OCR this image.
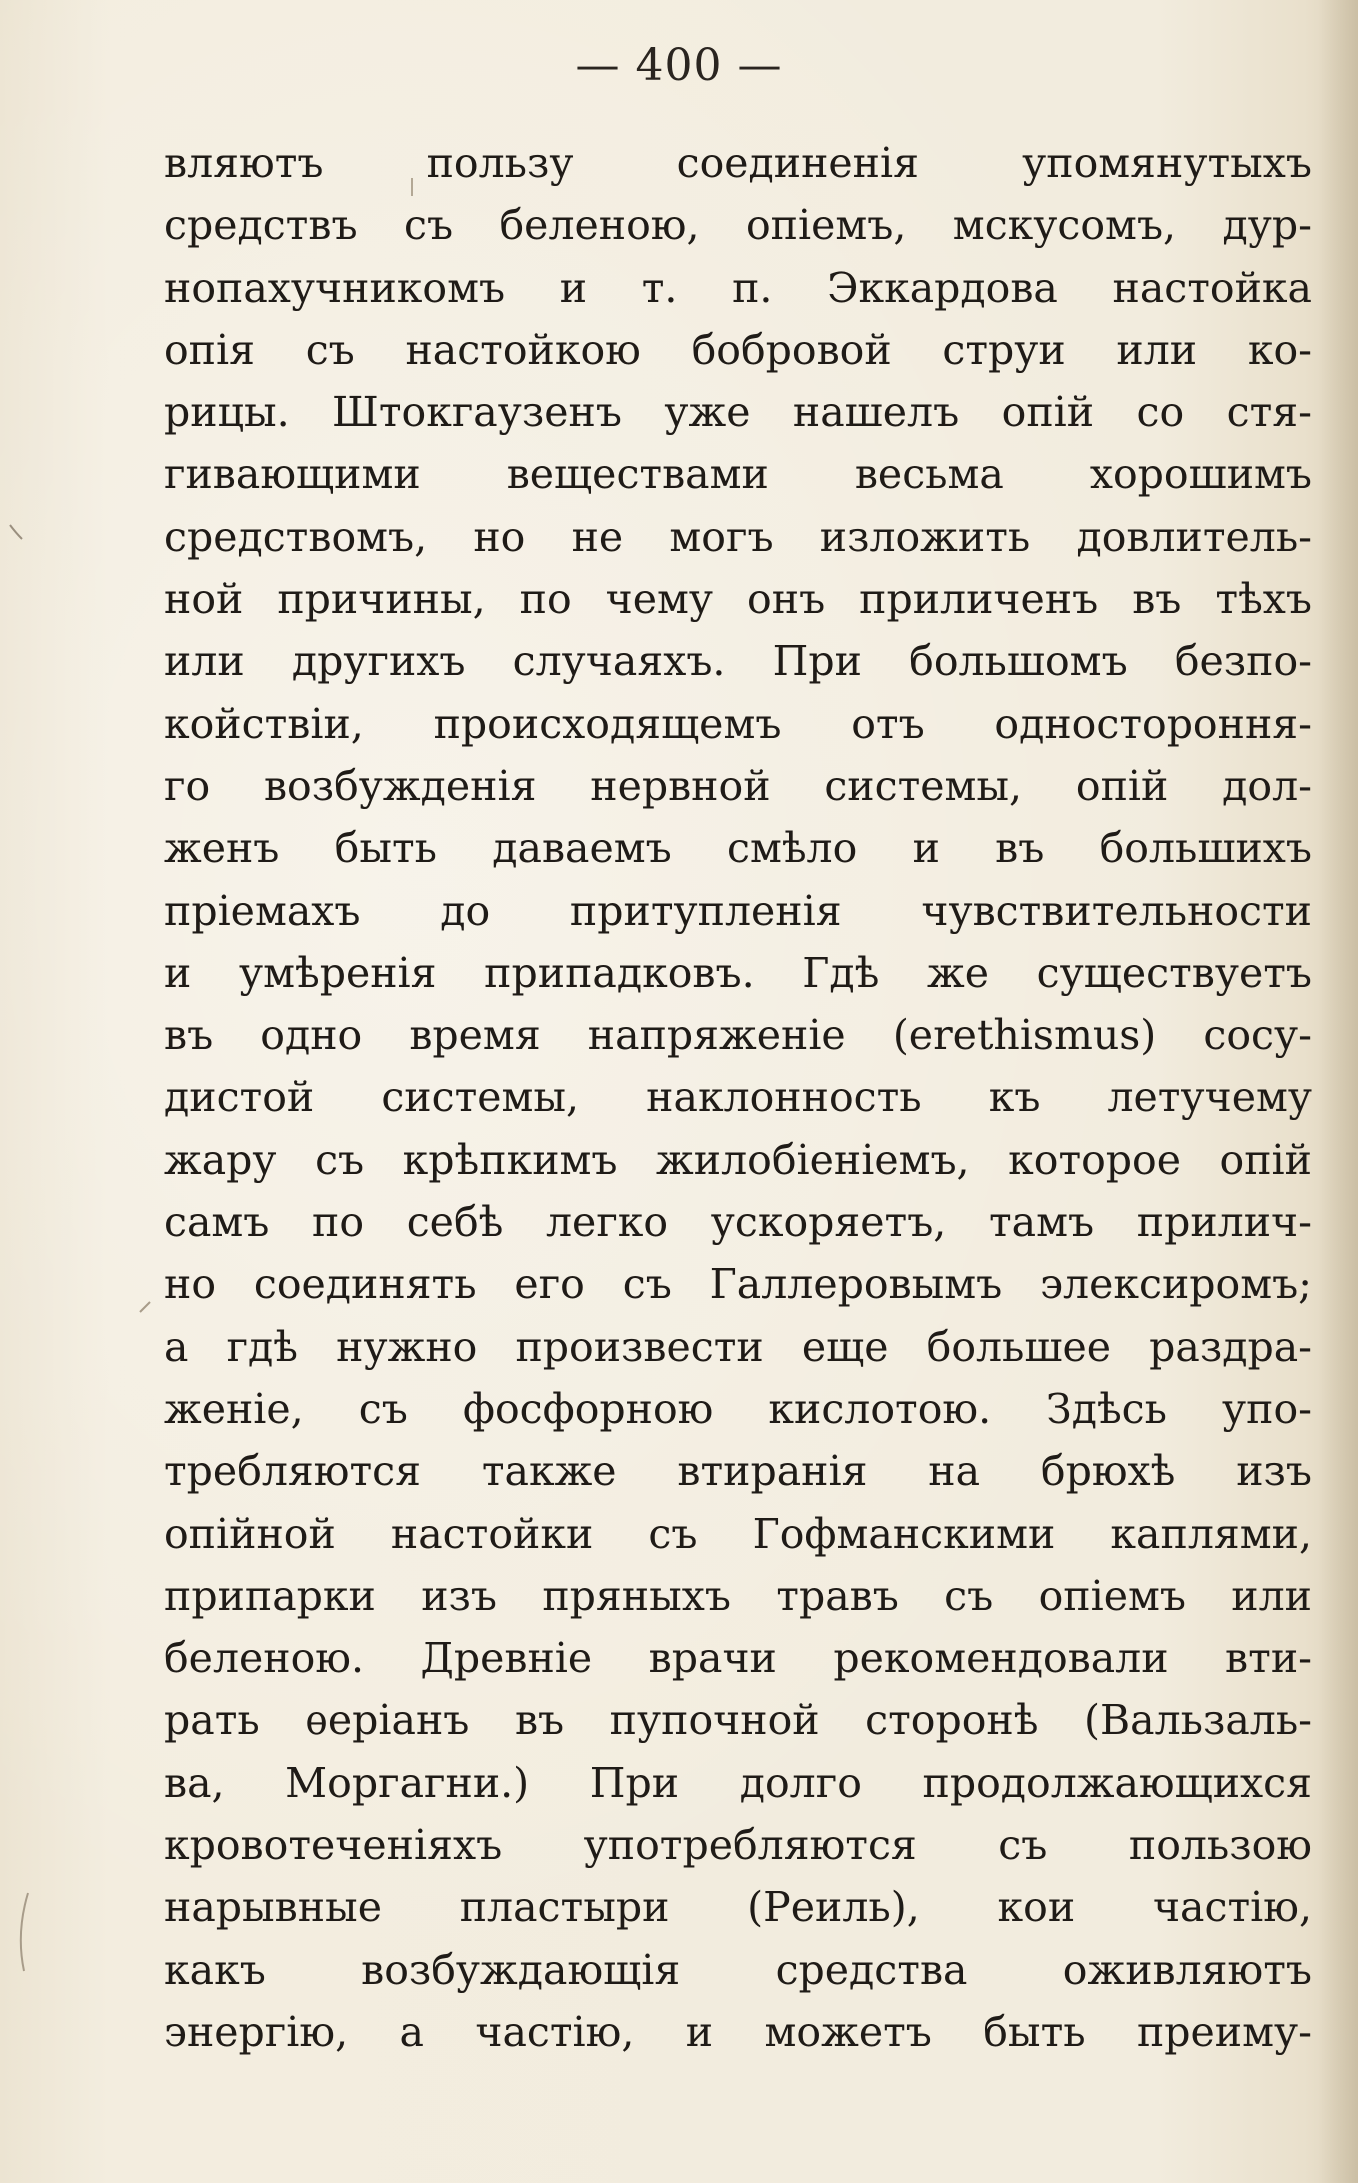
— 400 —
вляютъ пользу соединенія упомянутыхъ
средствъ съ беленою, опіемъ, мскусомъ, дур-
нопахучникомъ и т. п. Эккардова настойка
опія съ настойкою бобровой струи или ко-
рицы. Штокгаузенъ уже нашелъ опій со стя-
гивающими веществами весьма хорошимъ
средствомъ, но не могъ изложить довлитель-
ной причины, по чему онъ приличенъ въ тѣхъ
или другихъ случаяхъ. При большомъ безпо-
койствіи, происходящемъ отъ одностороння-
го возбужденія нервной системы, опій дол-
женъ быть даваемъ смѣло и въ большихъ
пріемахъ до притупленія чувствительности
и умѣренія припадковъ. Гдѣ же существуетъ
въ одно время напряженіе (erethismus) сосу-
дистой системы, наклонность къ летучему
жару съ крѣпкимъ жилобіеніемъ, которое опій
самъ по себѣ легко ускоряетъ, тамъ прилич-
но соединять его съ Галлеровымъ элексиромъ;
а гдѣ нужно произвести еще большее раздра-
женіе, съ фосфорною кислотою. Здѣсь упо-
требляются также втиранія на брюхѣ изъ
опійной настойки съ Гофманскими каплями,
припарки изъ пряныхъ травъ съ опіемъ или
беленою. Древніе врачи рекомендовали вти-
рать ѳеріанъ въ пупочной сторонѣ (Вальзаль-
ва, Моргагни.) При долго продолжающихся
кровотеченіяхъ употребляются съ пользою
нарывные пластыри (Реиль), кои частію,
какъ возбуждающія средства оживляютъ
энергію, а частію, и можетъ быть преиму-
